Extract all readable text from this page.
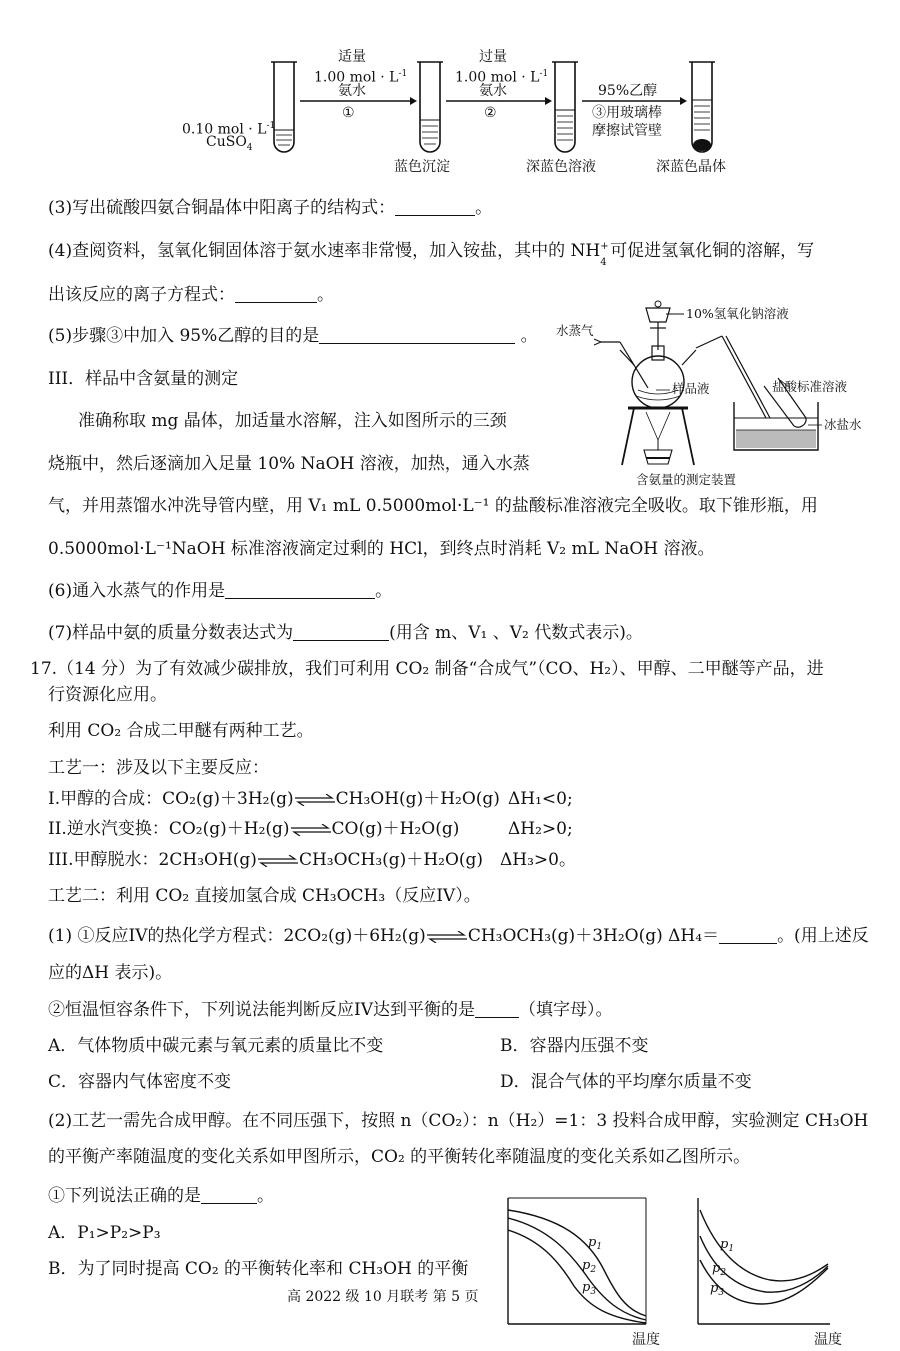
0.10 mol · $L^{-1}$
CuSO$_4$
适量
1.00 mol · $L^{-1}$
氨水
①
过量
1.00 mol · $L^{-1}$
氨水
②
95%乙醇
③用玻璃棒
摩擦试管壁
蓝色沉淀	深蓝色溶液	深蓝色晶体
(3)写出硫酸四氨合铜晶体中阳离子的结构式：	。
(4)查阅资料，氢氧化铜固体溶于氨水速率非常慢，加入铵盐，其中的 NH +
4
可促进氢氧化铜的溶解，写
出该反应的离子方程式：	。
(5)步骤③中加入 95%乙醇的目的是	。
III．样品中含氨量的测定
准确称取 mg 晶体，加适量水溶解，注入如图所示的三颈
烧瓶中，然后逐滴加入足量 10% NaOH 溶液，加热，通入水蒸
气，并用蒸馏水冲洗导管内壁，用 V₁ mL 0.5000mol·L⁻¹ 的盐酸标准溶液完全吸收。取下锥形瓶，用
0.5000mol·L⁻¹NaOH 标准溶液滴定过剩的 HCl，到终点时消耗 V₂ mL NaOH 溶液。
10%氢氧化钠溶液
水蒸气
样品液	盐酸标准溶液
冰盐水
含氨量的测定装置
(6)通入水蒸气的作用是	。
(7)样品中氨的质量分数表达式为	(用含 m、V₁ 、V₂ 代数式表示)。
17.（14 分）为了有效减少碳排放，我们可利用 CO₂ 制备“合成气”（CO、H₂）、甲醇、二甲醚等产品，进
行资源化应用。
利用 CO₂ 合成二甲醚有两种工艺。
工艺一：涉及以下主要反应：
I.甲醇的合成：CO₂(g)＋3H₂(g)⇌CH₃OH(g)＋H₂O(g) ΔH₁<0;
II.逆水汽变换：CO₂(g)＋H₂(g)⇌CO(g)＋H₂O(g)	ΔH₂>0;
III.甲醇脱水：2CH₃OH(g)⇌CH₃OCH₃(g)＋H₂O(g) ΔH₃>0。
工艺二：利用 CO₂ 直接加氢合成 CH₃OCH₃（反应IV）。
(1) ①反应IV的热化学方程式：2CO₂(g)＋6H₂(g)⇌CH₃OCH₃(g)＋3H₂O(g) ΔH₄＝	。(用上述反
应的ΔH 表示)。
②恒温恒容条件下，下列说法能判断反应IV达到平衡的是	（填字母）。
A．气体物质中碳元素与氧元素的质量比不变	B．容器内压强不变
C．容器内气体密度不变	D．混合气体的平均摩尔质量不变
(2)工艺一需先合成甲醇。在不同压强下，按照 n（CO₂）：n（H₂）=1：3 投料合成甲醇，实验测定 CH₃OH
的平衡产率随温度的变化关系如甲图所示，CO₂ 的平衡转化率随温度的变化关系如乙图所示。
①下列说法正确的是	。
A．P₁>P₂>P₃
B．为了同时提高 CO₂ 的平衡转化率和 CH₃OH 的平衡
高 2022 级 10 月联考 第 5 页
$p_1$
$p_2$
$p_3$
温度
$p_1$
$p_2$
$p_3$
温度
